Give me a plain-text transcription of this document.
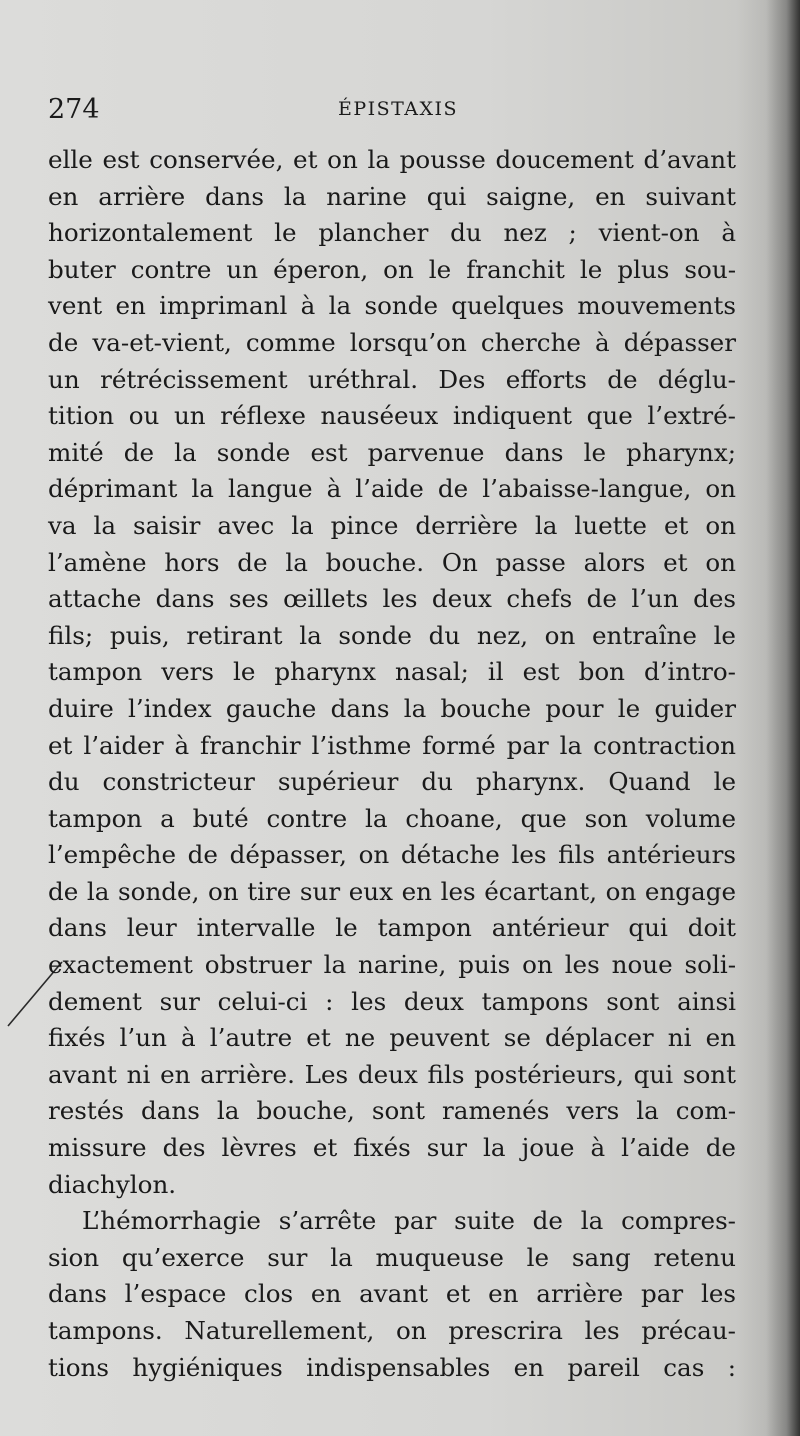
274	ÉPISTAXIS
elle est conservée, et on la pousse doucement d’avant
en arrière dans la narine qui saigne, en suivant
horizontalement le plancher du nez ; vient-on à
buter contre un éperon, on le franchit le plus sou-
vent en imprimanl à la sonde quelques mouvements
de va-et-vient, comme lorsqu’on cherche à dépasser
un rétrécissement uréthral. Des efforts de déglu-
tition ou un réflexe nauséeux indiquent que l’extré-
mité de la sonde est parvenue dans le pharynx;
déprimant la langue à l’aide de l’abaisse-langue, on
va la saisir avec la pince derrière la luette et on
l’amène hors de la bouche. On passe alors et on
attache dans ses œillets les deux chefs de l’un des
fils; puis, retirant la sonde du nez, on entraîne le
tampon vers le pharynx nasal; il est bon d’intro-
duire l’index gauche dans la bouche pour le guider
et l’aider à franchir l’isthme formé par la contraction
du constricteur supérieur du pharynx. Quand le
tampon a buté contre la choane, que son volume
l’empêche de dépasser, on détache les fils antérieurs
de la sonde, on tire sur eux en les écartant, on engage
dans leur intervalle le tampon antérieur qui doit
exactement obstruer la narine, puis on les noue soli-
dement sur celui-ci : les deux tampons sont ainsi
fixés l’un à l’autre et ne peuvent se déplacer ni en
avant ni en arrière. Les deux fils postérieurs, qui sont
restés dans la bouche, sont ramenés vers la com-
missure des lèvres et fixés sur la joue à l’aide de
diachylon.
L’hémorrhagie s’arrête par suite de la compres-
sion qu’exerce sur la muqueuse le sang retenu
dans l’espace clos en avant et en arrière par les
tampons. Naturellement, on prescrira les précau-
tions hygiéniques indispensables en pareil cas :
